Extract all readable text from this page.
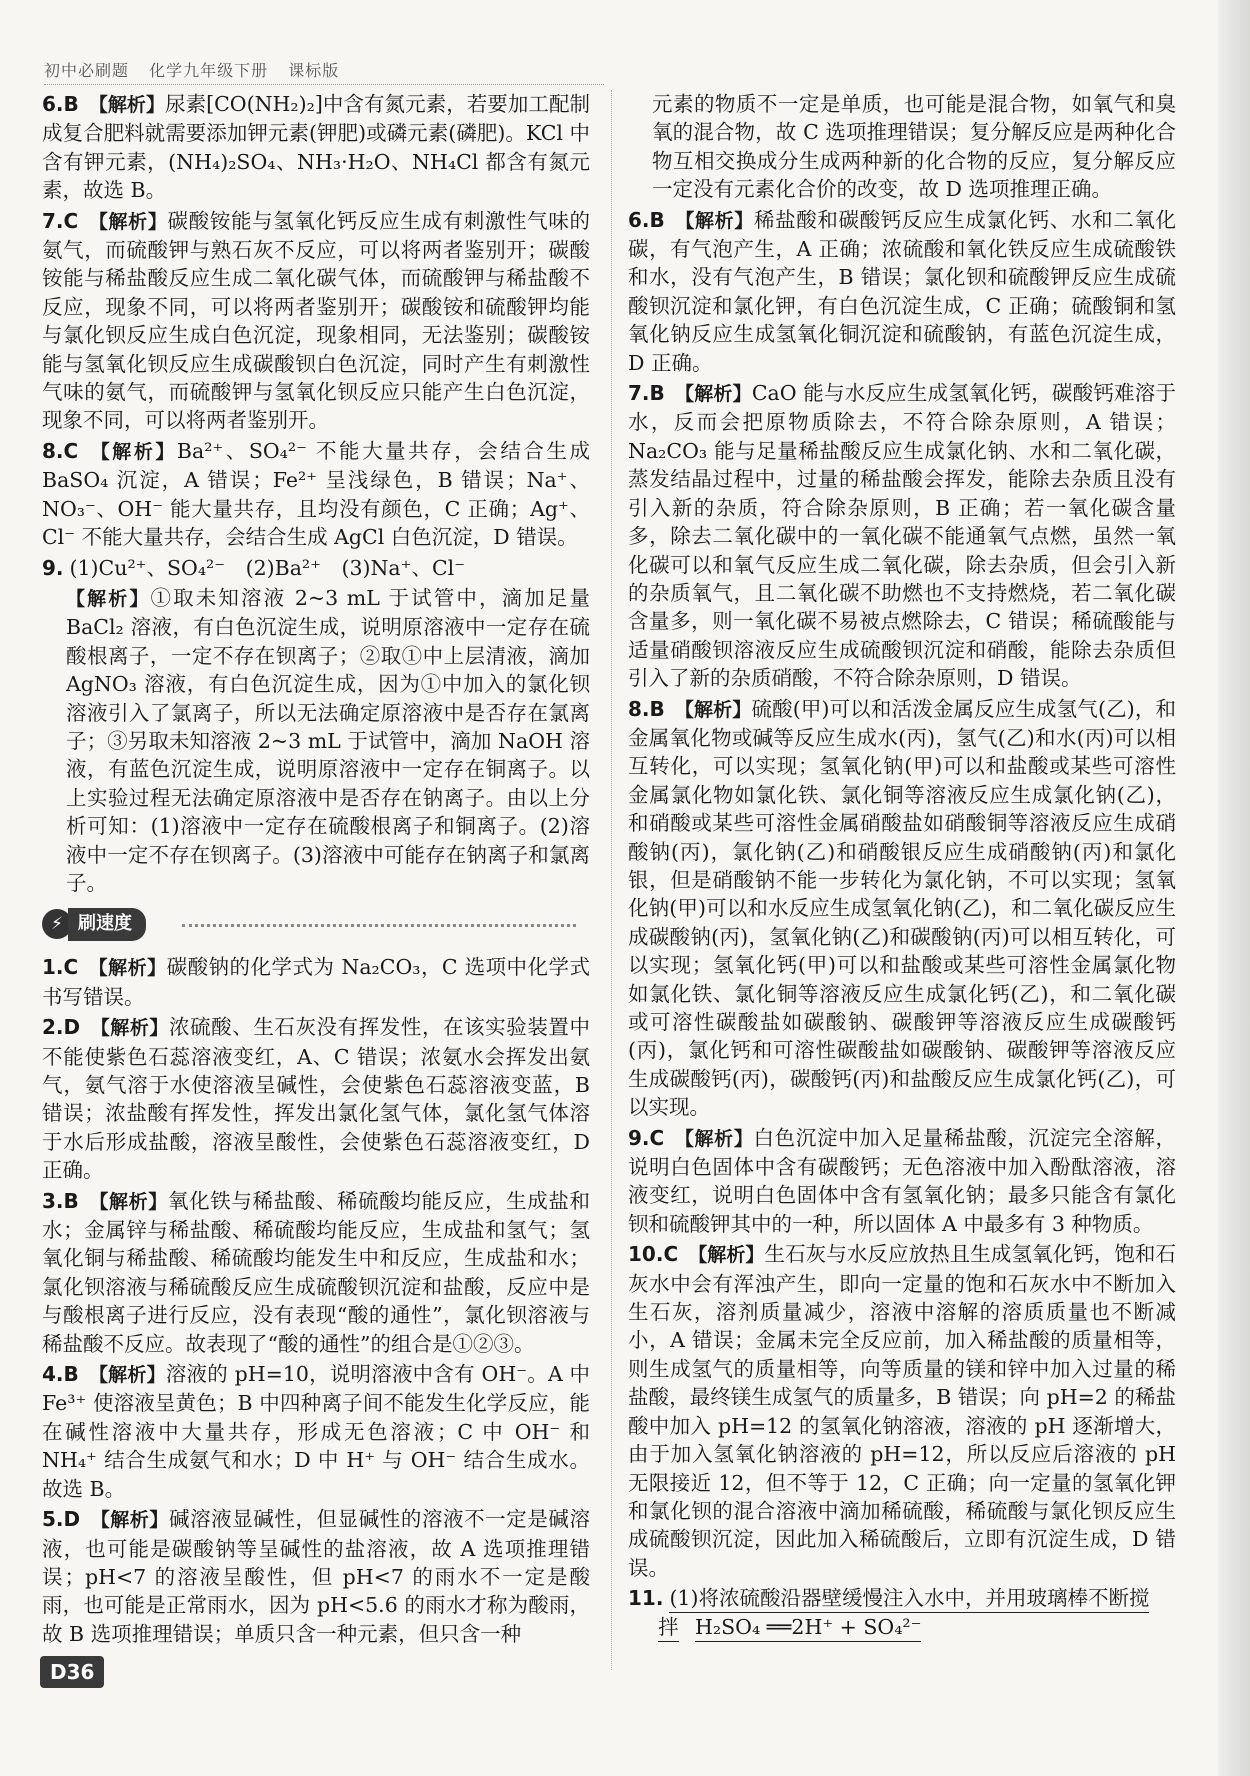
初中必刷题 化学九年级下册 课标版
6.B 【解析】尿素[CO(NH₂)₂]中含有氮元素，若要加工配制成复合肥料就需要添加钾元素(钾肥)或磷元素(磷肥)。KCl 中含有钾元素，(NH₄)₂SO₄、NH₃·H₂O、NH₄Cl 都含有氮元素，故选 B。
7.C 【解析】碳酸铵能与氢氧化钙反应生成有刺激性气味的氨气，而硫酸钾与熟石灰不反应，可以将两者鉴别开；碳酸铵能与稀盐酸反应生成二氧化碳气体，而硫酸钾与稀盐酸不反应，现象不同，可以将两者鉴别开；碳酸铵和硫酸钾均能与氯化钡反应生成白色沉淀，现象相同，无法鉴别；碳酸铵能与氢氧化钡反应生成碳酸钡白色沉淀，同时产生有刺激性气味的氨气，而硫酸钾与氢氧化钡反应只能产生白色沉淀，现象不同，可以将两者鉴别开。
8.C 【解析】Ba²⁺、SO₄²⁻ 不能大量共存，会结合生成 BaSO₄ 沉淀，A 错误；Fe²⁺ 呈浅绿色，B 错误；Na⁺、NO₃⁻、OH⁻ 能大量共存，且均没有颜色，C 正确；Ag⁺、Cl⁻ 不能大量共存，会结合生成 AgCl 白色沉淀，D 错误。
9. (1)Cu²⁺、SO₄²⁻　(2)Ba²⁺　(3)Na⁺、Cl⁻
【解析】①取未知溶液 2~3 mL 于试管中，滴加足量 BaCl₂ 溶液，有白色沉淀生成，说明原溶液中一定存在硫酸根离子，一定不存在钡离子；②取①中上层清液，滴加 AgNO₃ 溶液，有白色沉淀生成，因为①中加入的氯化钡溶液引入了氯离子，所以无法确定原溶液中是否存在氯离子；③另取未知溶液 2~3 mL 于试管中，滴加 NaOH 溶液，有蓝色沉淀生成，说明原溶液中一定存在铜离子。以上实验过程无法确定原溶液中是否存在钠离子。由以上分析可知：(1)溶液中一定存在硫酸根离子和铜离子。(2)溶液中一定不存在钡离子。(3)溶液中可能存在钠离子和氯离子。
⚡ 刷速度
1.C 【解析】碳酸钠的化学式为 Na₂CO₃，C 选项中化学式书写错误。
2.D 【解析】浓硫酸、生石灰没有挥发性，在该实验装置中不能使紫色石蕊溶液变红，A、C 错误；浓氨水会挥发出氨气，氨气溶于水使溶液呈碱性，会使紫色石蕊溶液变蓝，B 错误；浓盐酸有挥发性，挥发出氯化氢气体，氯化氢气体溶于水后形成盐酸，溶液呈酸性，会使紫色石蕊溶液变红，D 正确。
3.B 【解析】氧化铁与稀盐酸、稀硫酸均能反应，生成盐和水；金属锌与稀盐酸、稀硫酸均能反应，生成盐和氢气；氢氧化铜与稀盐酸、稀硫酸均能发生中和反应，生成盐和水；氯化钡溶液与稀硫酸反应生成硫酸钡沉淀和盐酸，反应中是与酸根离子进行反应，没有表现“酸的通性”，氯化钡溶液与稀盐酸不反应。故表现了“酸的通性”的组合是①②③。
4.B 【解析】溶液的 pH=10，说明溶液中含有 OH⁻。A 中 Fe³⁺ 使溶液呈黄色；B 中四种离子间不能发生化学反应，能在碱性溶液中大量共存，形成无色溶液；C 中 OH⁻ 和 NH₄⁺ 结合生成氨气和水；D 中 H⁺ 与 OH⁻ 结合生成水。故选 B。
5.D 【解析】碱溶液显碱性，但显碱性的溶液不一定是碱溶液，也可能是碳酸钠等呈碱性的盐溶液，故 A 选项推理错误；pH<7 的溶液呈酸性，但 pH<7 的雨水不一定是酸雨，也可能是正常雨水，因为 pH<5.6 的雨水才称为酸雨，故 B 选项推理错误；单质只含一种元素，但只含一种
元素的物质不一定是单质，也可能是混合物，如氧气和臭氧的混合物，故 C 选项推理错误；复分解反应是两种化合物互相交换成分生成两种新的化合物的反应，复分解反应一定没有元素化合价的改变，故 D 选项推理正确。
6.B 【解析】稀盐酸和碳酸钙反应生成氯化钙、水和二氧化碳，有气泡产生，A 正确；浓硫酸和氧化铁反应生成硫酸铁和水，没有气泡产生，B 错误；氯化钡和硫酸钾反应生成硫酸钡沉淀和氯化钾，有白色沉淀生成，C 正确；硫酸铜和氢氧化钠反应生成氢氧化铜沉淀和硫酸钠，有蓝色沉淀生成，D 正确。
7.B 【解析】CaO 能与水反应生成氢氧化钙，碳酸钙难溶于水，反而会把原物质除去，不符合除杂原则，A 错误；Na₂CO₃ 能与足量稀盐酸反应生成氯化钠、水和二氧化碳，蒸发结晶过程中，过量的稀盐酸会挥发，能除去杂质且没有引入新的杂质，符合除杂原则，B 正确；若一氧化碳含量多，除去二氧化碳中的一氧化碳不能通氧气点燃，虽然一氧化碳可以和氧气反应生成二氧化碳，除去杂质，但会引入新的杂质氧气，且二氧化碳不助燃也不支持燃烧，若二氧化碳含量多，则一氧化碳不易被点燃除去，C 错误；稀硫酸能与适量硝酸钡溶液反应生成硫酸钡沉淀和硝酸，能除去杂质但引入了新的杂质硝酸，不符合除杂原则，D 错误。
8.B 【解析】硫酸(甲)可以和活泼金属反应生成氢气(乙)，和金属氧化物或碱等反应生成水(丙)，氢气(乙)和水(丙)可以相互转化，可以实现；氢氧化钠(甲)可以和盐酸或某些可溶性金属氯化物如氯化铁、氯化铜等溶液反应生成氯化钠(乙)，和硝酸或某些可溶性金属硝酸盐如硝酸铜等溶液反应生成硝酸钠(丙)，氯化钠(乙)和硝酸银反应生成硝酸钠(丙)和氯化银，但是硝酸钠不能一步转化为氯化钠，不可以实现；氢氧化钠(甲)可以和水反应生成氢氧化钠(乙)，和二氧化碳反应生成碳酸钠(丙)，氢氧化钠(乙)和碳酸钠(丙)可以相互转化，可以实现；氢氧化钙(甲)可以和盐酸或某些可溶性金属氯化物如氯化铁、氯化铜等溶液反应生成氯化钙(乙)，和二氧化碳或可溶性碳酸盐如碳酸钠、碳酸钾等溶液反应生成碳酸钙(丙)，氯化钙和可溶性碳酸盐如碳酸钠、碳酸钾等溶液反应生成碳酸钙(丙)，碳酸钙(丙)和盐酸反应生成氯化钙(乙)，可以实现。
9.C 【解析】白色沉淀中加入足量稀盐酸，沉淀完全溶解，说明白色固体中含有碳酸钙；无色溶液中加入酚酞溶液，溶液变红，说明白色固体中含有氢氧化钠；最多只能含有氯化钡和硫酸钾其中的一种，所以固体 A 中最多有 3 种物质。
10.C 【解析】生石灰与水反应放热且生成氢氧化钙，饱和石灰水中会有浑浊产生，即向一定量的饱和石灰水中不断加入生石灰，溶剂质量减少，溶液中溶解的溶质质量也不断减小，A 错误；金属未完全反应前，加入稀盐酸的质量相等，则生成氢气的质量相等，向等质量的镁和锌中加入过量的稀盐酸，最终镁生成氢气的质量多，B 错误；向 pH=2 的稀盐酸中加入 pH=12 的氢氧化钠溶液，溶液的 pH 逐渐增大，由于加入氢氧化钠溶液的 pH=12，所以反应后溶液的 pH 无限接近 12，但不等于 12，C 正确；向一定量的氢氧化钾和氯化钡的混合溶液中滴加稀硫酸，稀硫酸与氯化钡反应生成硫酸钡沉淀，因此加入稀硫酸后，立即有沉淀生成，D 错误。
11. (1)将浓硫酸沿器壁缓慢注入水中，并用玻璃棒不断搅
拌 H₂SO₄ ══2H⁺ + SO₄²⁻
D36
